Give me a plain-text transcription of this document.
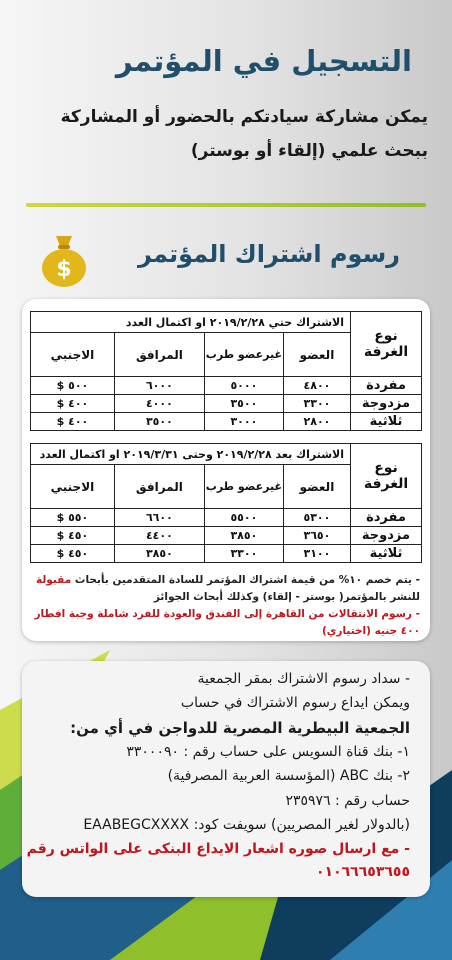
التسجيل في المؤتمر
يمكن مشاركة سيادتكم بالحضور أو المشاركة
ببحث علمي (إلقاء أو بوستر)
رسوم اشتراك المؤتمر
$
نوع الغرفة	الاشتراك حتي ٢٠١٩/٢/٢٨ او اكتمال العدد			
	العضو	غيرعضو طرب	المرافق	الاجنبي
مفردة	٤٨٠٠	٥٠٠٠	٦٠٠٠	٥٠٠ $
مزدوجة	٣٣٠٠	٣٥٠٠	٤٠٠٠	٤٠٠ $
ثلاثية	٢٨٠٠	٣٠٠٠	٣٥٠٠	٤٠٠ $
نوع الغرفة	الاشتراك بعد ٢٠١٩/٢/٢٨ وحتى ٢٠١٩/٣/٣١ او اكتمال العدد			
	العضو	غيرعضو طرب	المرافق	الاجنبي
مفردة	٥٣٠٠	٥٥٠٠	٦٦٠٠	٥٥٠ $
مزدوجة	٣٦٥٠	٣٨٥٠	٤٤٠٠	٤٥٠ $
ثلاثية	٣١٠٠	٣٣٠٠	٣٨٥٠	٤٥٠ $
- يتم خصم ١٠% من قيمة اشتراك المؤتمر للسادة المتقدمين بأبحاث مقبولة
للنشر بالمؤتمر( بوستر - إلقاء) وكذلك أبحاث الجوائز
- رسوم الانتقالات من القاهرة إلى الفندق والعودة للفرد شاملة وجبة افطار
٤٠٠ جنيه (اختياري)
- سداد رسوم الاشتراك بمقر الجمعية
ويمكن ايداع رسوم الاشتراك في حساب
الجمعية البيطرية المصرية للدواجن في أي من:
١- بنك قناة السويس على حساب رقم : ٣٣٠٠٠٩٠
٢- بنك ABC (المؤسسة العربية المصرفية)
حساب رقم : ٢٣٥٩٧٦
(بالدولار لغير المصريين) سويفت كود: EAABEGCXXXX
- مع ارسال صوره اشعار الايداع البنكى على الواتس رقم
٠١٠٦٦٦٥٣٦٥٥
